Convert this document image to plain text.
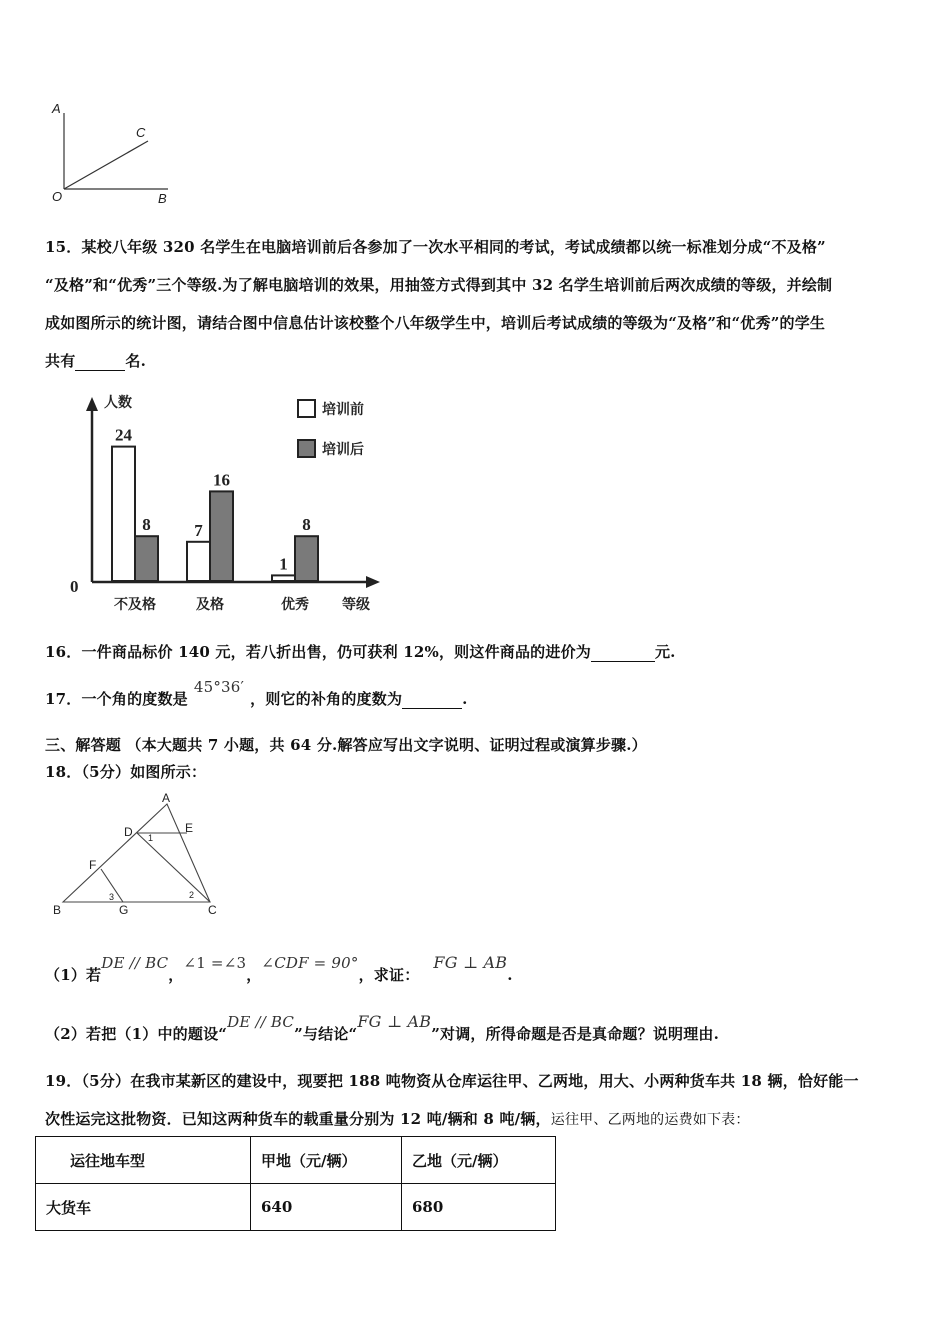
A
C
O	B
15．某校八年级 320 名学生在电脑培训前后各参加了一次水平相同的考试，考试成绩都以统一标准划分成“不及格”
“及格”和“优秀”三个等级.为了解电脑培训的效果，用抽签方式得到其中 32 名学生培训前后两次成绩的等级，并绘制
成如图所示的统计图，请结合图中信息估计该校整个八年级学生中，培训后考试成绩的等级为“及格”和“优秀”的学生
共有	名.
人数
0
等级
培训前
培训后
24
8
不及格
7
16
及格
1
8
优秀
16．一件商品标价 140 元，若八折出售，仍可获利 12%，则这件商品的进价为	元.
17．一个角的度数是45°36′，则它的补角的度数为	.
三、解答题 （本大题共 7 小题，共 64 分.解答应写出文字说明、证明过程或演算步骤.）
18．（5分）如图所示：
A
D 1
E
F
2
3
B	G	C
（1）若DE // BC，∠1 =∠3，∠CDF = 90°，求证：FG ⊥ AB.
（2）若把（1）中的题设“DE // BC”与结论“FG ⊥ AB”对调，所得命题是否是真命题？说明理由.
19．（5分）在我市某新区的建设中，现要把 188 吨物资从仓库运往甲、乙两地，用大、小两种货车共 18 辆，恰好能一
次性运完这批物资．已知这两种货车的载重量分别为 12 吨/辆和 8 吨/辆，运往甲、乙两地的运费如下表：
运往地车型	甲地（元/辆）	乙地（元/辆）
大货车	640	680
